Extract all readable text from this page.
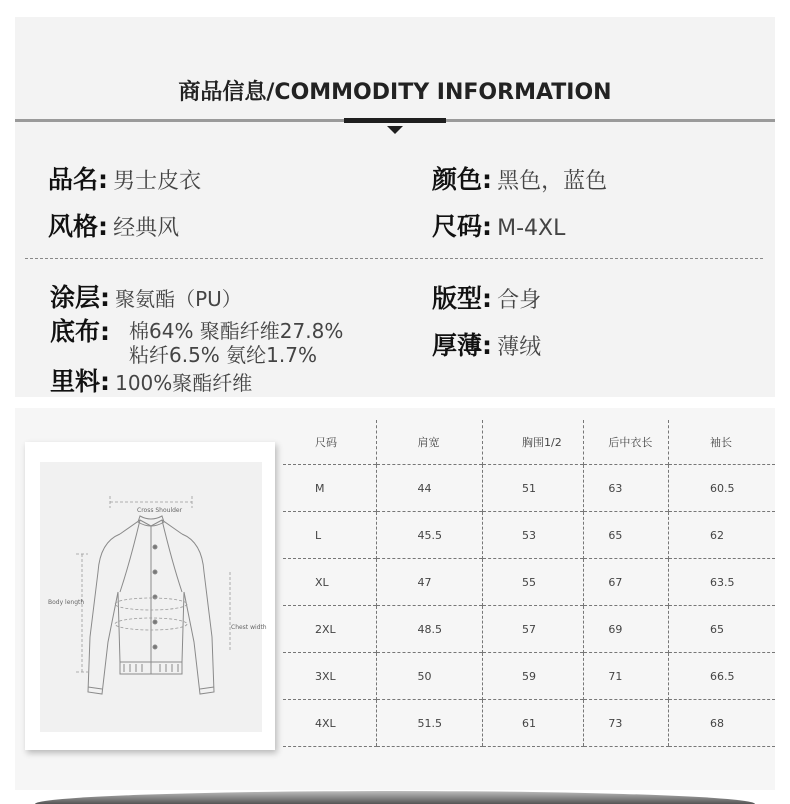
商品信息/COMMODITY INFORMATION
品名: 男士皮衣	颜色: 黑色，蓝色
风格: 经典风	尺码: M-4XL
涂层: 聚氨酯（PU）	版型: 合身
底布: 棉64% 聚酯纤维27.8%
粘纤6.5% 氨纶1.7%	厚薄: 薄绒
里料: 100%聚酯纤维
Cross Shoulder
Body length
Chest width
尺码	肩宽	胸围1/2	后中衣长	袖长
M	44	51	63	60.5
L	45.5	53	65	62
XL	47	55	67	63.5
2XL	48.5	57	69	65
3XL	50	59	71	66.5
4XL	51.5	61	73	68
